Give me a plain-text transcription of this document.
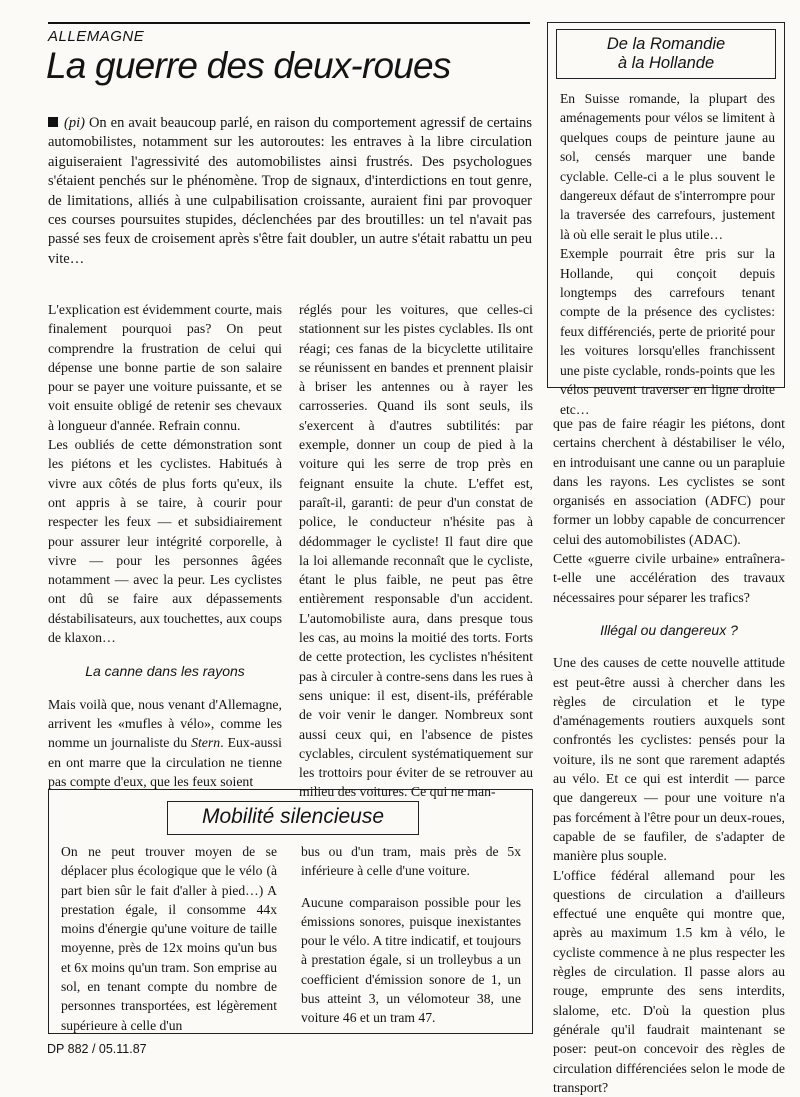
ALLEMAGNE
La guerre des deux-roues
(pi) On en avait beaucoup parlé, en raison du comportement agressif de certains automobilistes, notamment sur les autoroutes: les entraves à la libre circulation aiguiseraient l'agressivité des automobilistes ainsi frustrés. Des psychologues s'étaient penchés sur le phénomène. Trop de signaux, d'interdictions en tout genre, de limitations, alliés à une culpabilisation croissante, auraient fini par provoquer ces courses poursuites stupides, déclenchées par des broutilles: un tel n'avait pas passé ses feux de croisement après s'être fait doubler, un autre s'était rabattu un peu vite…

L'explication est évidemment courte, mais finalement pourquoi pas? On peut comprendre la frustration de celui qui dépense une bonne partie de son salaire pour se payer une voiture puissante, et se voit ensuite obligé de retenir ses chevaux à longueur d'année. Refrain connu.

Les oubliés de cette démonstration sont les piétons et les cyclistes. Habitués à vivre aux côtés de plus forts qu'eux, ils ont appris à se taire, à courir pour respecter les feux — et subsidiairement pour assurer leur intégrité corporelle, à vivre — pour les personnes âgées notamment — avec la peur. Les cyclistes ont dû se faire aux dépassements déstabilisateurs, aux touchettes, aux coups de klaxon…

La canne dans les rayons

Mais voilà que, nous venant d'Allemagne, arrivent les «mufles à vélo», comme les nomme un journaliste du Stern. Eux-aussi en ont marre que la circulation ne tienne pas compte d'eux, que les feux soient

réglés pour les voitures, que celles-ci stationnent sur les pistes cyclables. Ils ont réagi; ces fanas de la bicyclette utilitaire se réunissent en bandes et prennent plaisir à briser les antennes ou à rayer les carrosseries. Quand ils sont seuls, ils s'exercent à d'autres subtilités: par exemple, donner un coup de pied à la voiture qui les serre de trop près en feignant ensuite la chute. L'effet est, paraît-il, garanti: de peur d'un constat de police, le conducteur n'hésite pas à dédommager le cycliste! Il faut dire que la loi allemande reconnaît que le cycliste, étant le plus faible, ne peut pas être entièrement responsable d'un accident. L'automobiliste aura, dans presque tous les cas, au moins la moitié des torts. Forts de cette protection, les cyclistes n'hésitent pas à circuler à contre-sens dans les rues à sens unique: il est, disent-ils, préférable de voir venir le danger. Nombreux sont aussi ceux qui, en l'absence de pistes cyclables, circulent systématiquement sur les trottoirs pour éviter de se retrouver au milieu des voitures. Ce qui ne man-

De la Romandie
à la Hollande

En Suisse romande, la plupart des aménagements pour vélos se limitent à quelques coups de peinture jaune au sol, censés marquer une bande cyclable. Celle-ci a le plus souvent le dangereux défaut de s'interrompre pour la traversée des carrefours, justement là où elle serait le plus utile…

Exemple pourrait être pris sur la Hollande, qui conçoit depuis longtemps des carrefours tenant compte de la présence des cyclistes: feux différenciés, perte de priorité pour les voitures lorsqu'elles franchissent une piste cyclable, ronds-points que les vélos peuvent traverser en ligne droite etc…

que pas de faire réagir les piétons, dont certains cherchent à déstabiliser le vélo, en introduisant une canne ou un parapluie dans les rayons. Les cyclistes se sont organisés en association (ADFC) pour former un lobby capable de concurrencer celui des automobilistes (ADAC).

Cette «guerre civile urbaine» entraînera-t-elle une accélération des travaux nécessaires pour séparer les trafics?

Illégal ou dangereux ?

Une des causes de cette nouvelle attitude est peut-être aussi à chercher dans les règles de circulation et le type d'aménagements routiers auxquels sont confrontés les cyclistes: pensés pour la voiture, ils ne sont que rarement adaptés au vélo. Et ce qui est interdit — parce que dangereux — pour une voiture n'a pas forcément à l'être pour un deux-roues, capable de se faufiler, de s'adapter de manière plus souple.

L'office fédéral allemand pour les questions de circulation a d'ailleurs effectué une enquête qui montre que, après au maximum 1.5 km à vélo, le cycliste commence à ne plus respecter les règles de circulation. Il passe alors au rouge, emprunte des sens interdits, slalome, etc. D'où la question plus générale qu'il faudrait maintenant se poser: peut-on concevoir des règles de circulation différenciées selon le mode de transport?

Mobilité silencieuse

On ne peut trouver moyen de se déplacer plus écologique que le vélo (à part bien sûr le fait d'aller à pied…) A prestation égale, il consomme 44x moins d'énergie qu'une voiture de taille moyenne, près de 12x moins qu'un bus et 6x moins qu'un tram. Son emprise au sol, en tenant compte du nombre de personnes transportées, est légèrement supérieure à celle d'un

bus ou d'un tram, mais près de 5x inférieure à celle d'une voiture.

Aucune comparaison possible pour les émissions sonores, puisque inexistantes pour le vélo. A titre indicatif, et toujours à prestation égale, si un trolleybus a un coefficient d'émission sonore de 1, un bus atteint 3, un vélomoteur 38, une voiture 46 et un tram 47.

DP 882 / 05.11.87
